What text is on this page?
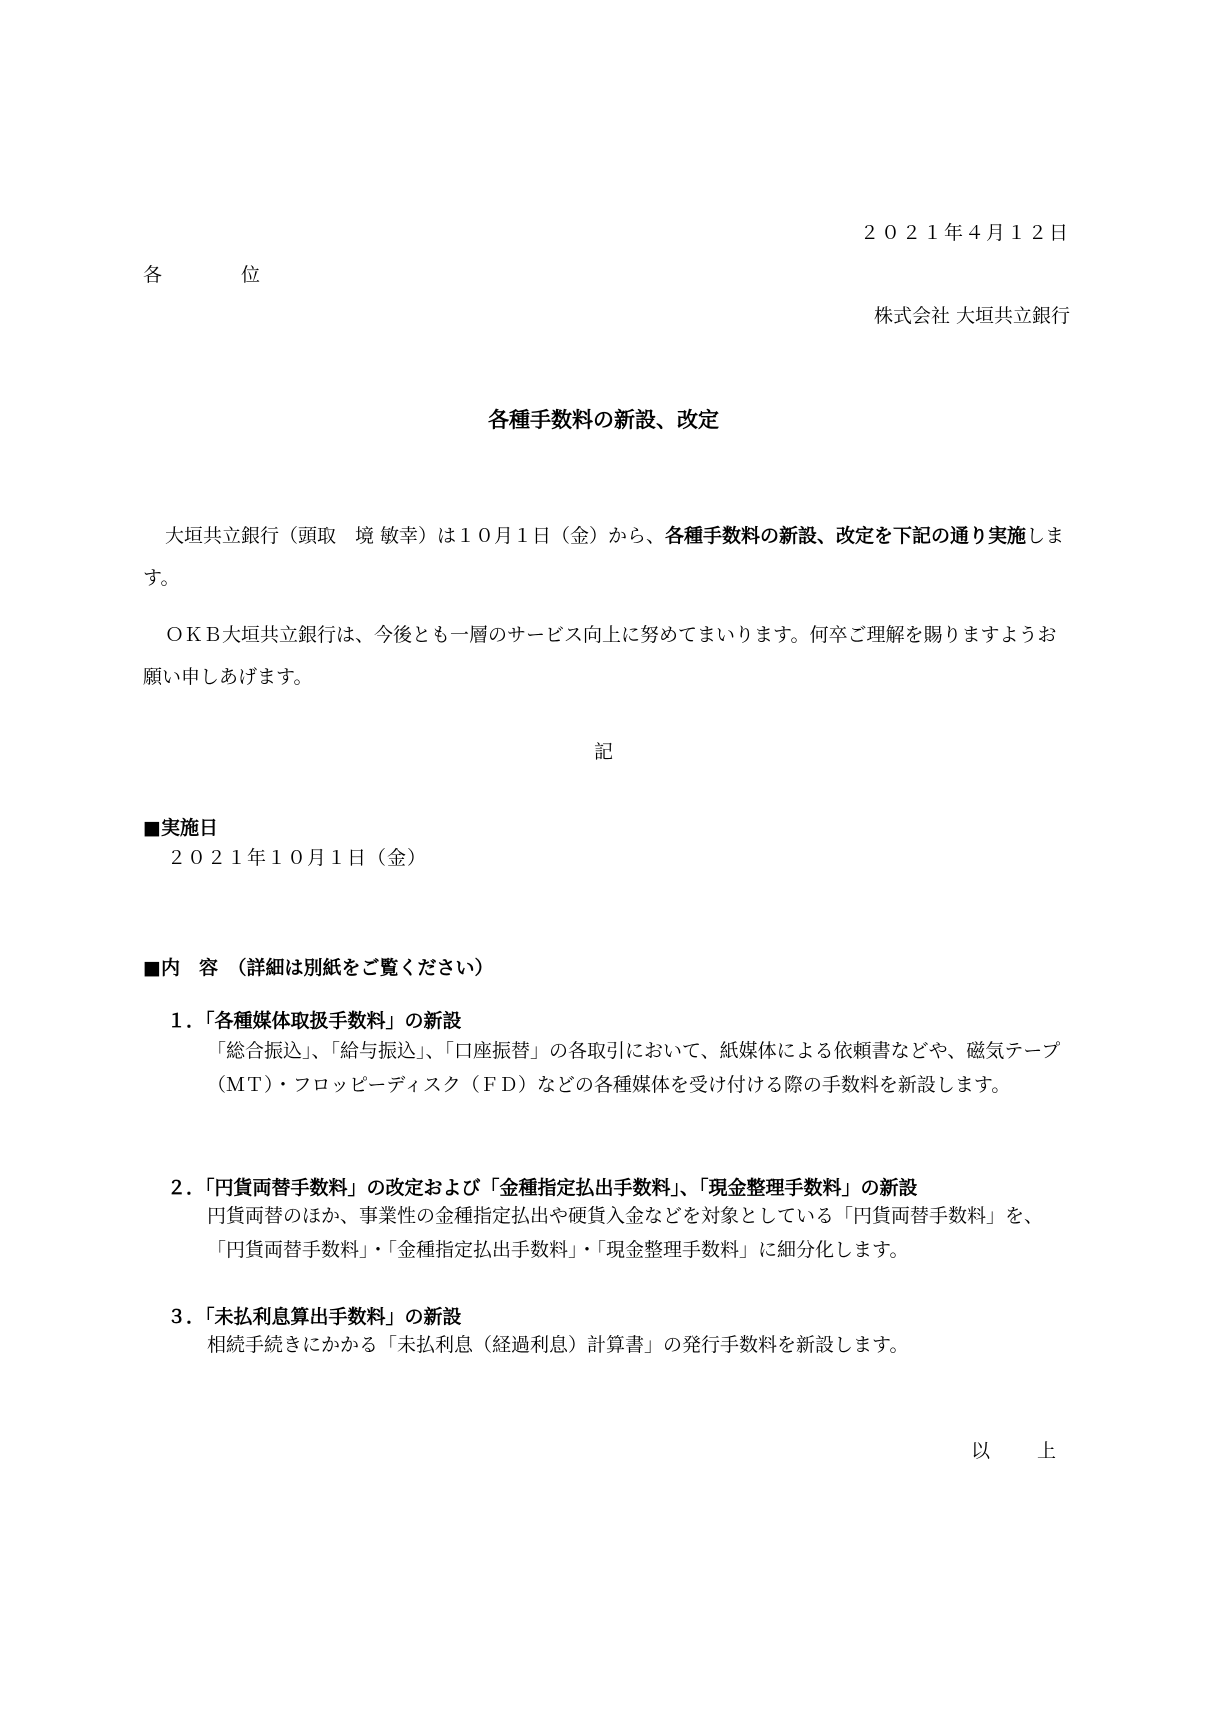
２０２１年４月１２日
各　位
株式会社 大垣共立銀行
各種手数料の新設、改定
大垣共立銀行（頭取　境 敏幸）は１０月１日（金）から、各種手数料の新設、改定を下記の通り実施します。
ＯＫＢ大垣共立銀行は、今後とも一層のサービス向上に努めてまいります。何卒ご理解を賜りますようお願い申しあげます。
記
■実施日
２０２１年１０月１日（金）
■内　容　（詳細は別紙をご覧ください）
１．「各種媒体取扱手数料」の新設
「総合振込」、「給与振込」、「口座振替」の各取引において、紙媒体による依頼書などや、磁気テープ（ＭＴ）・フロッピーディスク（ＦＤ）などの各種媒体を受け付ける際の手数料を新設します。
２．「円貨両替手数料」の改定および「金種指定払出手数料」、「現金整理手数料」の新設
円貨両替のほか、事業性の金種指定払出や硬貨入金などを対象としている「円貨両替手数料」を、「円貨両替手数料」・「金種指定払出手数料」・「現金整理手数料」に細分化します。
３．「未払利息算出手数料」の新設
相続手続きにかかる「未払利息（経過利息）計算書」の発行手数料を新設します。
以　上
